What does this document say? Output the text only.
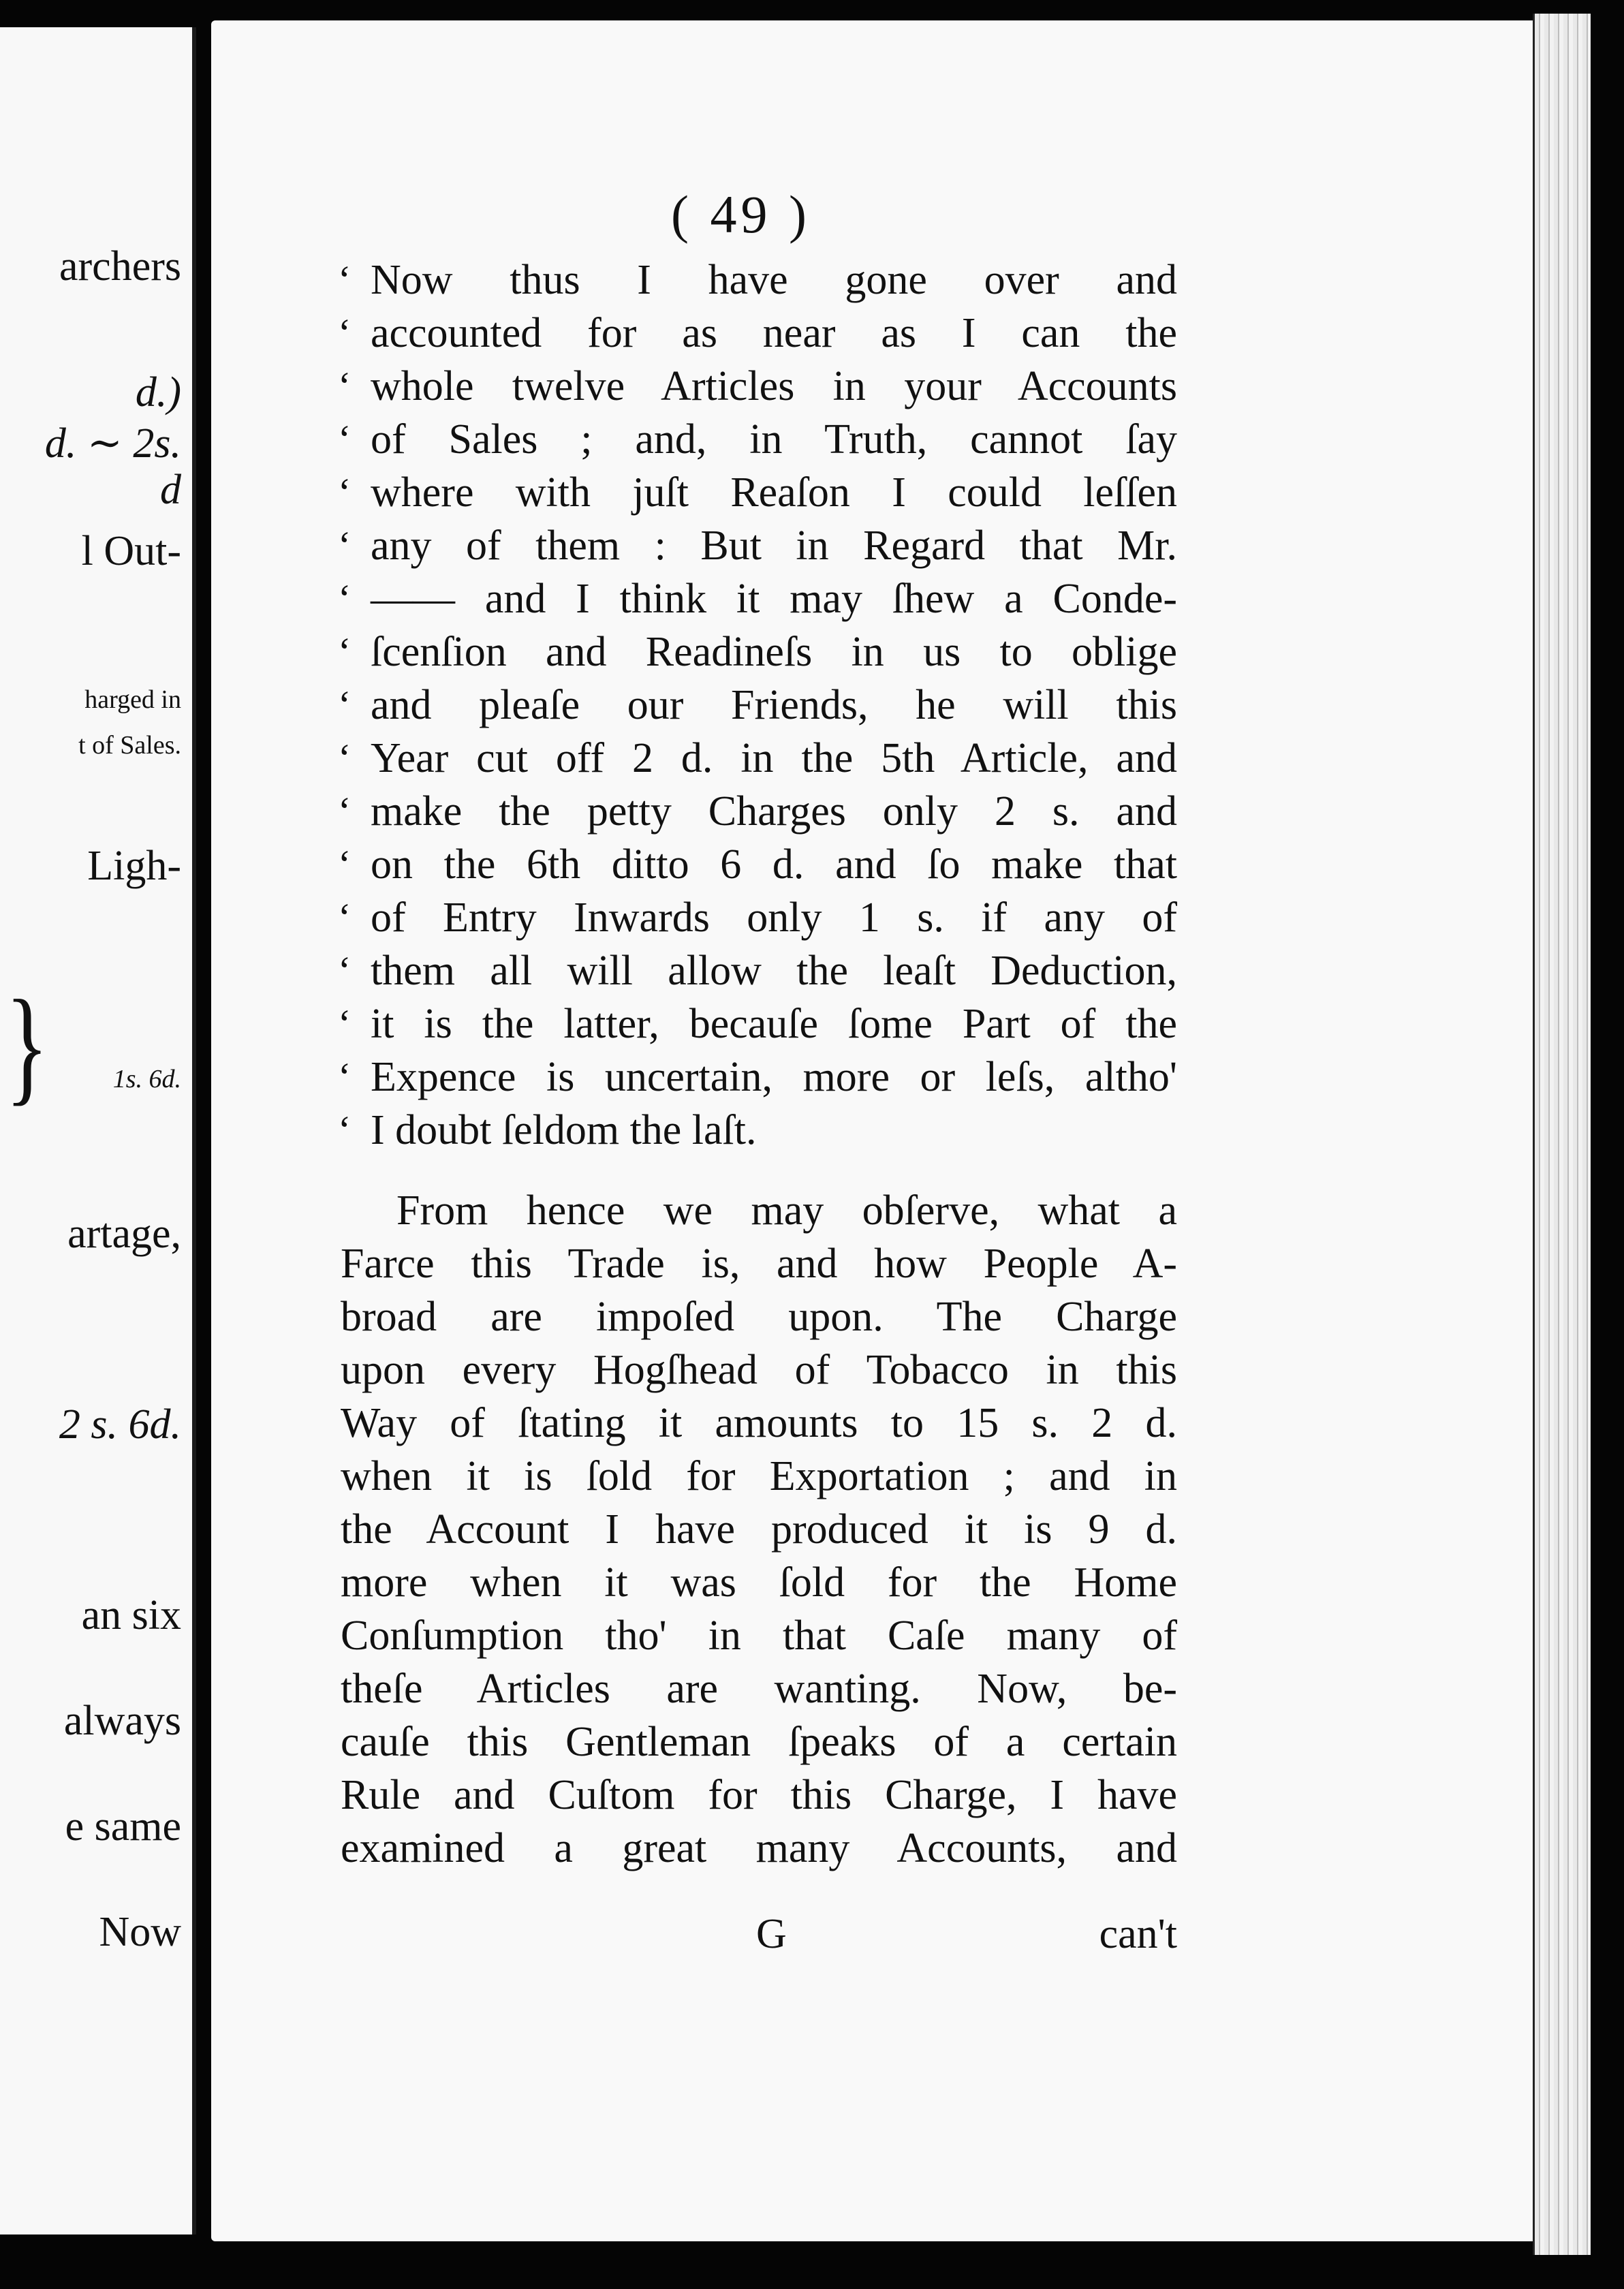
archers
d.)
d. ∼ 2s.
d
l Out-
harged in
t of Sales.
Ligh-
1s. 6d.
artage,
2 s. 6d.
an six
always
e same
Now
}
( 49 )
‘ Now thus I have gone over and
‘ accounted for as near as I can the
‘ whole twelve Articles in your Accounts
‘ of Sales ; and, in Truth, cannot ſay
‘ where with juſt Reaſon I could leſſen
‘ any of them : But in Regard that Mr.
‘ —— and I think it may ſhew a Conde-
‘ ſcenſion and Readineſs in us to oblige
‘ and pleaſe our Friends, he will this
‘ Year cut off 2 d. in the 5th Article, and
‘ make the petty Charges only 2 s. and
‘ on the 6th ditto 6 d. and ſo make that
‘ of Entry Inwards only 1 s. if any of
‘ them all will allow the leaſt Deduction,
‘ it is the latter, becauſe ſome Part of the
‘ Expence is uncertain, more or leſs, altho'
‘ I doubt ſeldom the laſt.
From hence we may obſerve, what a
Farce this Trade is, and how People A-
broad are impoſed upon. The Charge
upon every Hogſhead of Tobacco in this
Way of ſtating it amounts to 15 s. 2 d.
when it is ſold for Exportation ; and in
the Account I have produced it is 9 d.
more when it was ſold for the Home
Conſumption tho' in that Caſe many of
theſe Articles are wanting. Now, be-
cauſe this Gentleman ſpeaks of a certain
Rule and Cuſtom for this Charge, I have
examined a great many Accounts, and
G	can't
